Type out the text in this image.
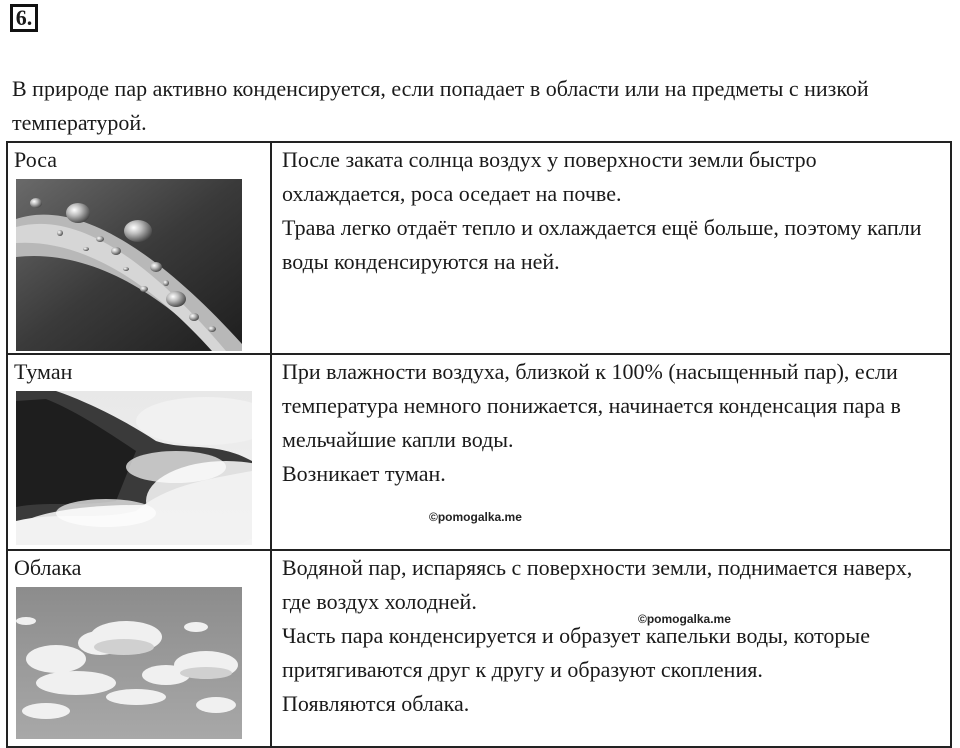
6.
В природе пар активно конденсируется, если попадает в области или на предметы с низкой температурой.
Роса	После заката солнца воздух у поверхности земли быстро охлаждается, роса оседает на почве.
Трава легко отдаёт тепло и охлаждается ещё больше, поэтому капли воды конденсируются на ней.

Туман	При влажности воздуха, близкой к 100% (насыщенный пар), если температура немного понижается, начинается конденсация пара в мельчайшие капли воды.
Возникает туман.

Облака	Водяной пар, испаряясь с поверхности земли, поднимается наверх, где воздух холодней.
Часть пара конденсируется и образует капельки воды, которые притягиваются друг к другу и образуют скопления.
Появляются облака.
©pomogalka.me
©pomogalka.me
